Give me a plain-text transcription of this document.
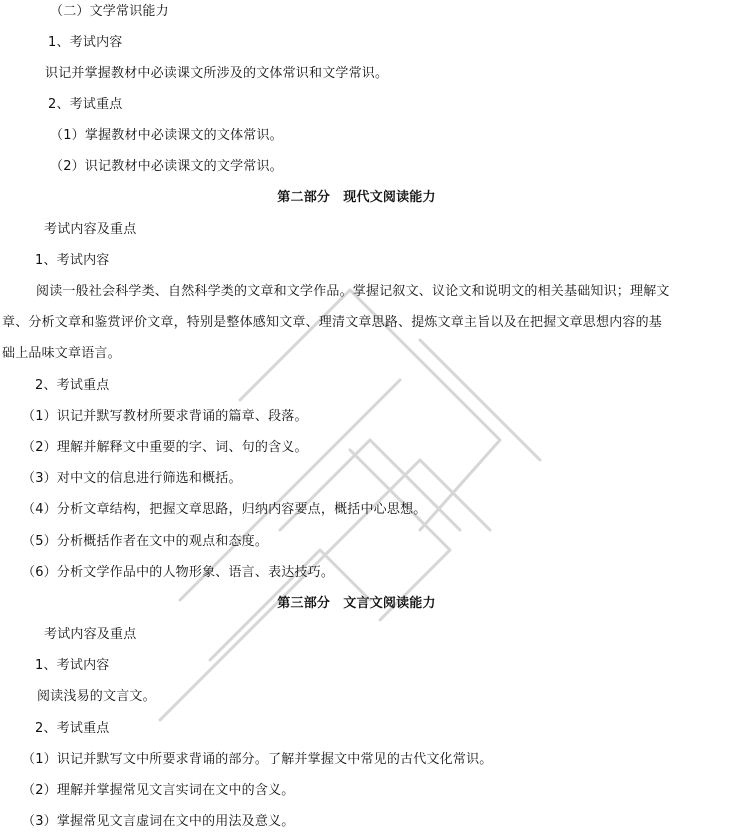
（二）文学常识能力
1、考试内容
识记并掌握教材中必读课文所涉及的文体常识和文学常识。
2、考试重点
（1）掌握教材中必读课文的文体常识。
（2）识记教材中必读课文的文学常识。
第二部分　现代文阅读能力
考试内容及重点
1、考试内容
阅读一般社会科学类、自然科学类的文章和文学作品。掌握记叙文、议论文和说明文的相关基础知识；理解文
章、分析文章和鉴赏评价文章，特别是整体感知文章、理清文章思路、提炼文章主旨以及在把握文章思想内容的基
础上品味文章语言。
2、考试重点
（1）识记并默写教材所要求背诵的篇章、段落。
（2）理解并解释文中重要的字、词、句的含义。
（3）对中文的信息进行筛选和概括。
（4）分析文章结构，把握文章思路，归纳内容要点，概括中心思想。
（5）分析概括作者在文中的观点和态度。
（6）分析文学作品中的人物形象、语言、表达技巧。
第三部分　文言文阅读能力
考试内容及重点
1、考试内容
阅读浅易的文言文。
2、考试重点
（1）识记并默写文中所要求背诵的部分。了解并掌握文中常见的古代文化常识。
（2）理解并掌握常见文言实词在文中的含义。
（3）掌握常见文言虚词在文中的用法及意义。
